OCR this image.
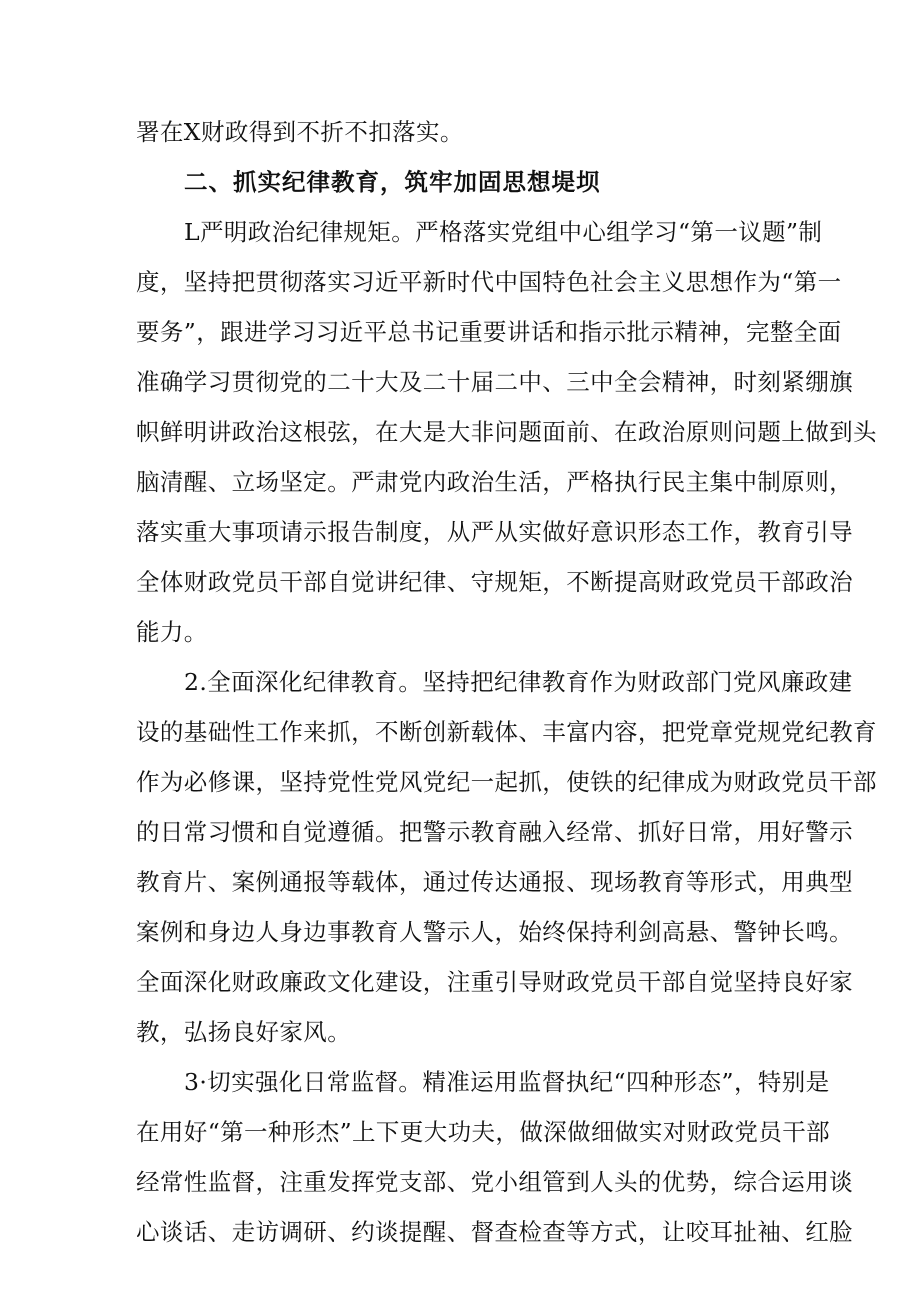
署在X财政得到不折不扣落实。
二、抓实纪律教育，筑牢加固思想堤坝
L严明政治纪律规矩。严格落实党组中心组学习“第一议题”制
度，坚持把贯彻落实习近平新时代中国特色社会主义思想作为“第一
要务”，跟进学习习近平总书记重要讲话和指示批示精神，完整全面
准确学习贯彻党的二十大及二十届二中、三中全会精神，时刻紧绷旗
帜鲜明讲政治这根弦，在大是大非问题面前、在政治原则问题上做到头
脑清醒、立场坚定。严肃党内政治生活，严格执行民主集中制原则，
落实重大事项请示报告制度，从严从实做好意识形态工作，教育引导
全体财政党员干部自觉讲纪律、守规矩，不断提高财政党员干部政治
能力。
2.全面深化纪律教育。坚持把纪律教育作为财政部门党风廉政建
设的基础性工作来抓，不断创新载体、丰富内容，把党章党规党纪教育
作为必修课，坚持党性党风党纪一起抓，使铁的纪律成为财政党员干部
的日常习惯和自觉遵循。把警示教育融入经常、抓好日常，用好警示
教育片、案例通报等载体，通过传达通报、现场教育等形式，用典型
案例和身边人身边事教育人警示人，始终保持利剑高悬、警钟长鸣。
全面深化财政廉政文化建设，注重引导财政党员干部自觉坚持良好家
教，弘扬良好家风。
3·切实强化日常监督。精准运用监督执纪“四种形态”，特别是
在用好“第一种形杰”上下更大功夫，做深做细做实对财政党员干部
经常性监督，注重发挥党支部、党小组管到人头的优势，综合运用谈
心谈话、走访调研、约谈提醒、督查检查等方式，让咬耳扯袖、红脸
